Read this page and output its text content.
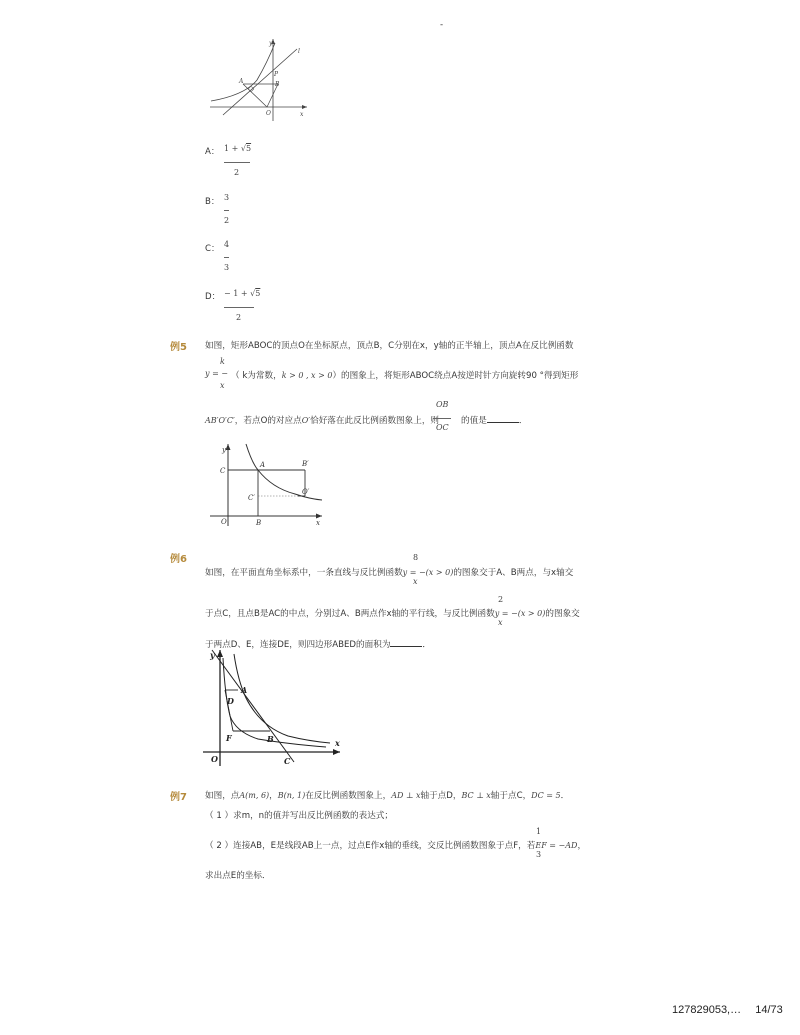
-
y
l
P
A	B
O	x
A： 1 + √5
2
B： 3
2
C： 4
3
D： − 1 + √5
2
例5 如图，矩形ABOC的顶点O在坐标原点，顶点B，C分别在x，y轴的正半轴上，顶点A在反比例函数
k
y = −
x
（ k为常数，k > 0 , x > 0）的图象上，将矩形ABOC绕点A按逆时针方向旋转90 °得到矩形
AB′O′C′，若点O的对应点O′恰好落在此反比例函数图象上，则	的值是	．
OB
OC
y
C
A	B′
C′
O′
O	B	x
例6	8
如图，在平面直角坐标系中，一条直线与反比例函数y = −(x > 0)的图象交于A、B两点，与x轴交
x
2
于点C，且点B是AC的中点，分别过A、B两点作x轴的平行线，与反比例函数y = −(x > 0)的图象交
x
于两点D、E，连接DE，则四边形ABED的面积为	．
y
A
D
B
F
O	C
x
例7 如图，点A(m, 6)，B(n, 1)在反比例函数图象上，AD ⊥ x轴于点D，BC ⊥ x轴于点C，DC = 5．
（ 1 ）求m，n的值并写出反比例函数的表达式；
1
（ 2 ）连接AB，E是线段AB上一点，过点E作x轴的垂线，交反比例函数图象于点F，若EF = −AD，
3
求出点E的坐标．
127829053,… 14/73
